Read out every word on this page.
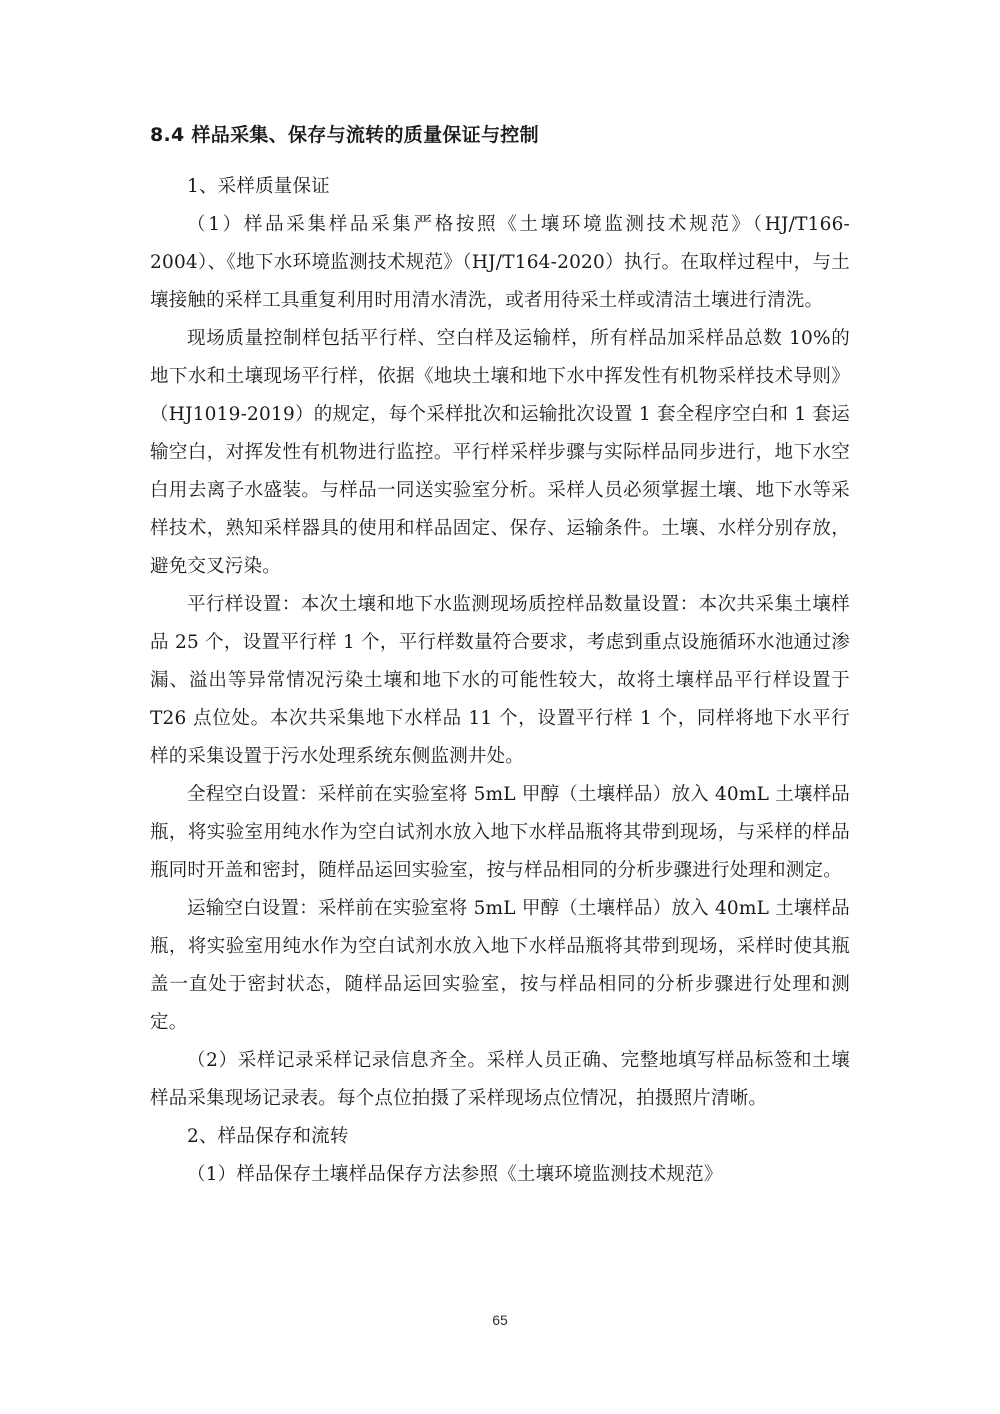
8.4 样品采集、保存与流转的质量保证与控制

1、采样质量保证

（1）样品采集样品采集严格按照《土壤环境监测技术规范》（HJ/T166-2004）、《地下水环境监测技术规范》（HJ/T164-2020）执行。在取样过程中，与土壤接触的采样工具重复利用时用清水清洗，或者用待采土样或清洁土壤进行清洗。

现场质量控制样包括平行样、空白样及运输样，所有样品加采样品总数 10%的地下水和土壤现场平行样，依据《地块土壤和地下水中挥发性有机物采样技术导则》（HJ1019-2019）的规定，每个采样批次和运输批次设置 1 套全程序空白和 1 套运输空白，对挥发性有机物进行监控。平行样采样步骤与实际样品同步进行，地下水空白用去离子水盛装。与样品一同送实验室分析。采样人员必须掌握土壤、地下水等采样技术，熟知采样器具的使用和样品固定、保存、运输条件。土壤、水样分别存放，避免交叉污染。

平行样设置：本次土壤和地下水监测现场质控样品数量设置：本次共采集土壤样品 25 个，设置平行样 1 个，平行样数量符合要求，考虑到重点设施循环水池通过渗漏、溢出等异常情况污染土壤和地下水的可能性较大，故将土壤样品平行样设置于 T26 点位处。本次共采集地下水样品 11 个，设置平行样 1 个，同样将地下水平行样的采集设置于污水处理系统东侧监测井处。

全程空白设置：采样前在实验室将 5mL 甲醇（土壤样品）放入 40mL 土壤样品瓶，将实验室用纯水作为空白试剂水放入地下水样品瓶将其带到现场，与采样的样品瓶同时开盖和密封，随样品运回实验室，按与样品相同的分析步骤进行处理和测定。

运输空白设置：采样前在实验室将 5mL 甲醇（土壤样品）放入 40mL 土壤样品瓶，将实验室用纯水作为空白试剂水放入地下水样品瓶将其带到现场，采样时使其瓶盖一直处于密封状态，随样品运回实验室，按与样品相同的分析步骤进行处理和测定。

（2）采样记录采样记录信息齐全。采样人员正确、完整地填写样品标签和土壤样品采集现场记录表。每个点位拍摄了采样现场点位情况，拍摄照片清晰。

2、样品保存和流转

（1）样品保存土壤样品保存方法参照《土壤环境监测技术规范》

65
